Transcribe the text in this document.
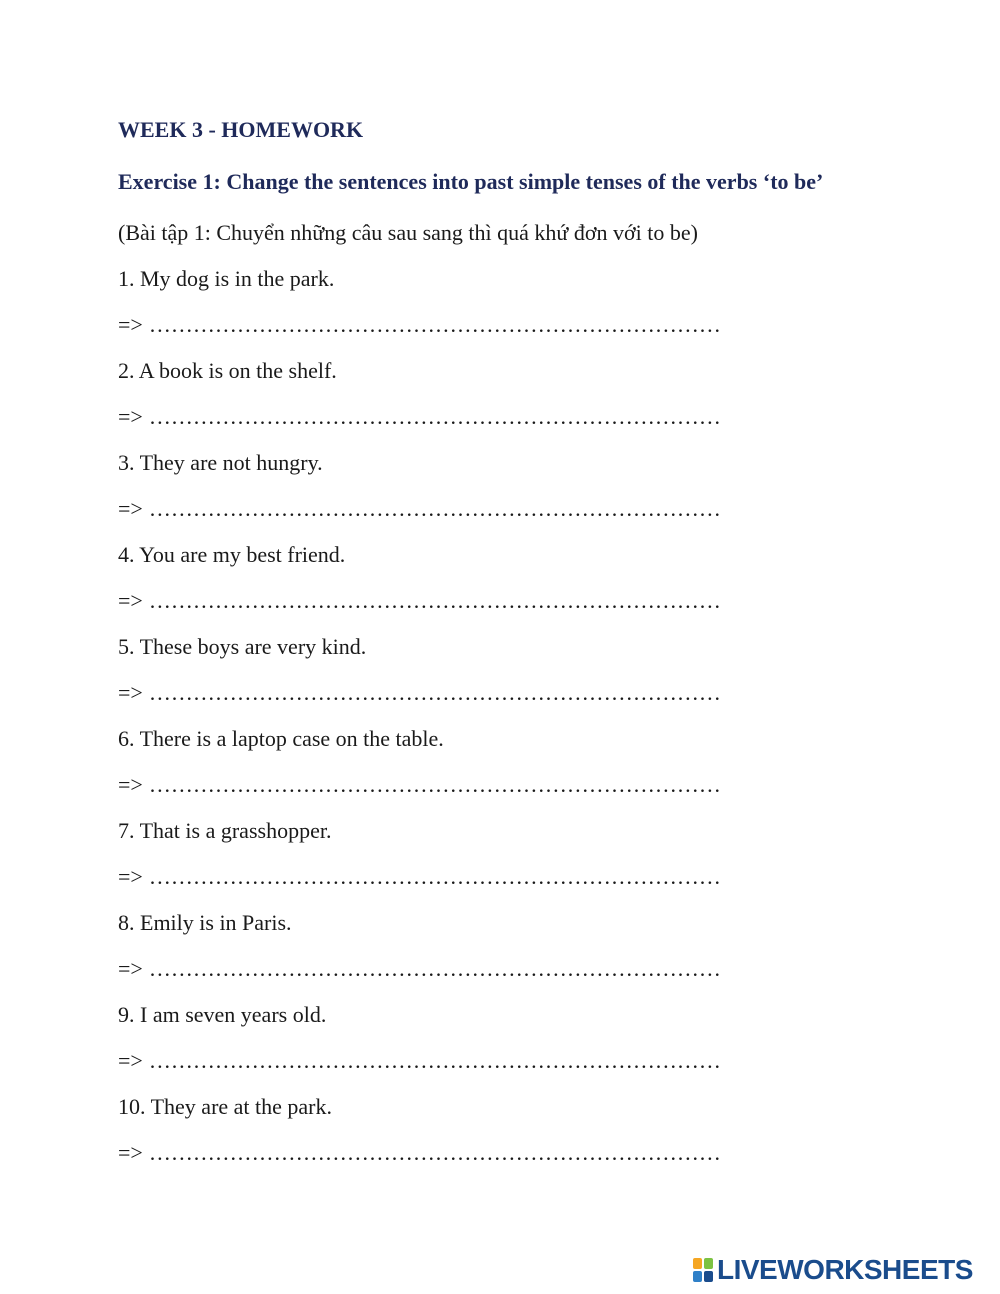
WEEK 3 - HOMEWORK
Exercise 1: Change the sentences into past simple tenses of the verbs ‘to be’
(Bài tập 1: Chuyển những câu sau sang thì quá khứ đơn với to be)
1. My dog is in the park.
=> ……………………………………………………………………
2. A book is on the shelf.
=> ……………………………………………………………………
3. They are not hungry.
=> ……………………………………………………………………
4. You are my best friend.
=> ……………………………………………………………………
5. These boys are very kind.
=> ……………………………………………………………………
6. There is a laptop case on the table.
=> ……………………………………………………………………
7. That is a grasshopper.
=> ……………………………………………………………………
8. Emily is in Paris.
=> ……………………………………………………………………
9. I am seven years old.
=> ……………………………………………………………………
10. They are at the park.
=> ……………………………………………………………………
LIVEWORKSHEETS
